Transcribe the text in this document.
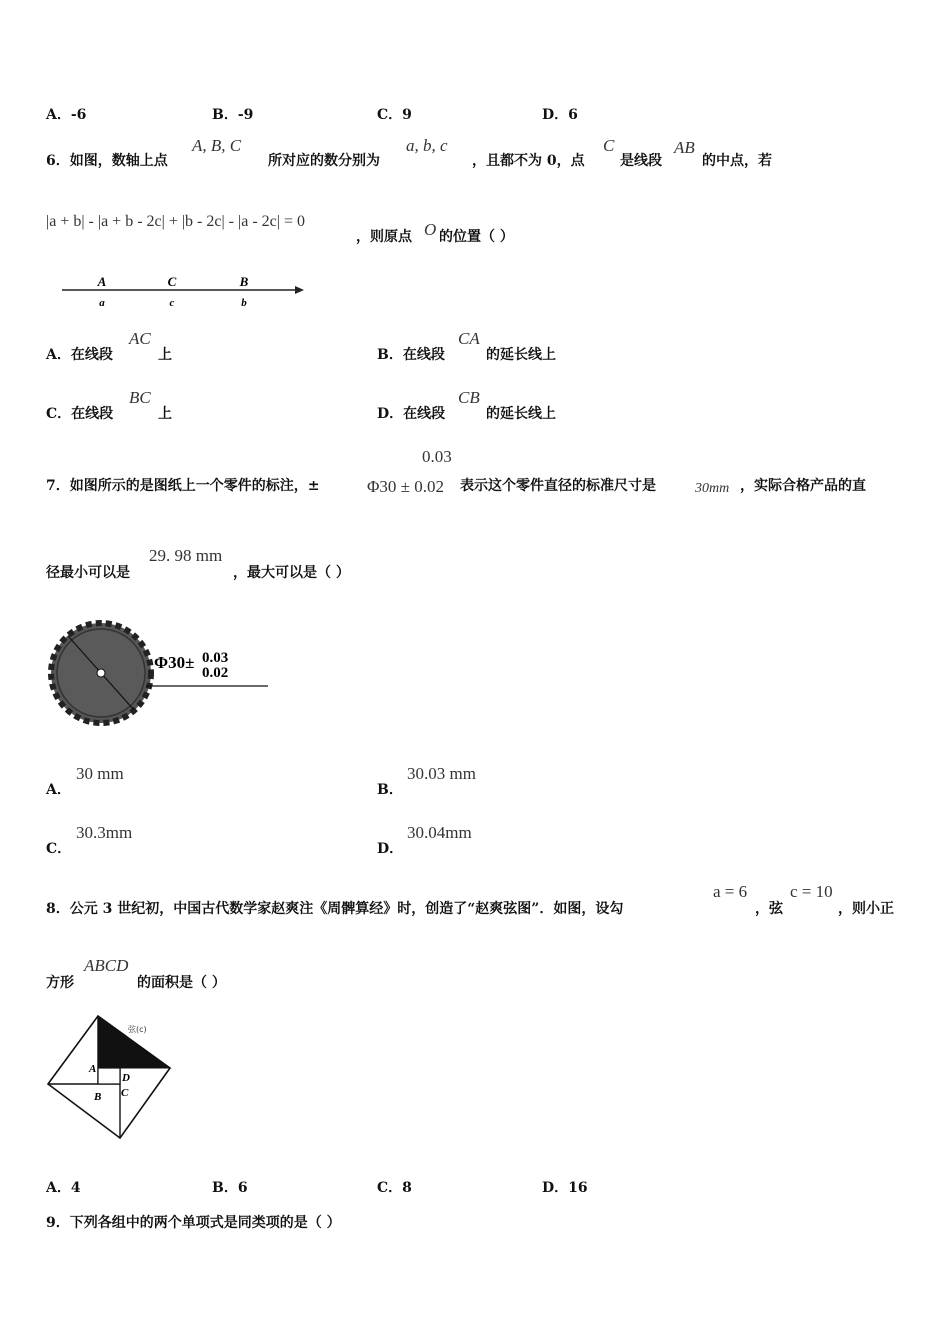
A．-6	B．-9	C．9	D．6
6．如图，数轴上点
A, B, C
所对应的数分别为
a, b, c
，且都不为 0，点
C
是线段
AB
的中点，若
|a + b| - |a + b - 2c| + |b - 2c| - |a - 2c| = 0
，则原点 O 的位置（ ）
A	C	B
a	c	b
A．在线段
AC
上	B．在线段
CA
的延长线上
C．在线段
BC
上	D．在线段
CB
的延长线上
0.03
7．如图所示的是图纸上一个零件的标注，±	Φ30 ± 0.02 表示这个零件直径的标准尺寸是	30mm ，实际合格产品的直
径最小可以是
29. 98 mm
，最大可以是（ ）
Φ30± 0.03
0.02
A．
30 mm
B．
30.03 mm
C．
30.3mm
D．
30.04mm
8．公元 3 世纪初，中国古代数学家赵爽注《周髀算经》时，创造了“赵爽弦图”．如图，设勾
a = 6
，弦
c = 10
，则小正
方形
ABCD
的面积是（ ）
A
B C
D
弦(c)
A．4	B．6	C．8	D．16
9．下列各组中的两个单项式是同类项的是（ ）
